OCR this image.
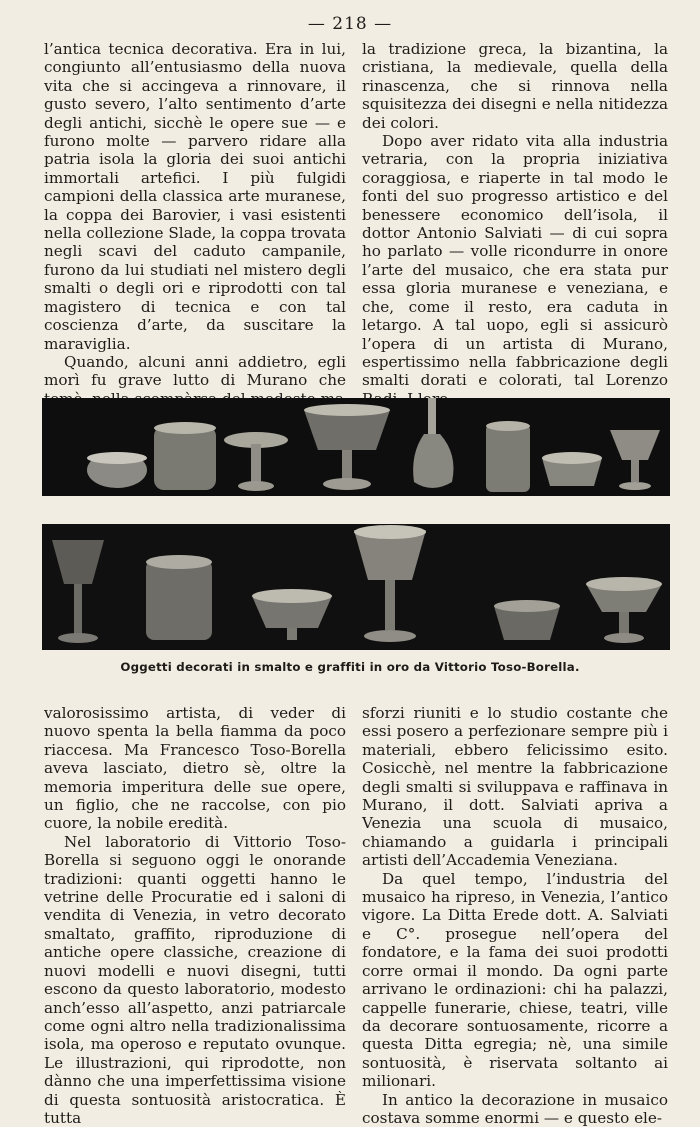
— 218 —

l’antica tecnica decorativa. Era in lui, congiunto all’entusiasmo della nuova vita che si accingeva a rinnovare, il gusto severo, l’alto sentimento d’arte degli antichi, sicchè le opere sue — e furono molte — parvero ridare alla patria isola la gloria dei suoi antichi immortali artefici. I più fulgidi campioni della classica arte muranese, la coppa dei Barovier, i vasi esistenti nella collezione Slade, la coppa trovata negli scavi del caduto campanile, furono da lui studiati nel mistero degli smalti o degli ori e riprodotti con tal magistero di tecnica e con tal coscienza d’arte, da suscitare la maraviglia.

Quando, alcuni anni addietro, egli morì fu grave lutto di Murano che

la tradizione greca, la bizantina, la cristiana, la medievale, quella della rinascenza, che si rinnova nella squisitezza dei disegni e nella nitidezza dei colori.

Dopo aver ridato vita alla industria vetraria, con la propria iniziativa coraggiosa, e riaperte in tal modo le fonti del suo progresso artistico e del benessere economico dell’isola, il dottor Antonio Salviati — di cui sopra ho parlato — volle ricondurre in onore l’arte del musaico, che era stata pur essa gloria muranese e veneziana, e che, come il resto, era caduta in letargo. A tal uopo, egli si assicurò l’opera di un artista di Murano, espertissimo nella fabbricazione degli smalti dorati e colorati, tal Lorenzo

Oggetti decorati in smalto e graffiti in oro da Vittorio Toso-Borella.

valorosissimo artista, di veder di nuovo spenta la bella fiamma da poco riaccesa. Ma Francesco Toso-Borella aveva lasciato, dietro sè, oltre la memoria imperitura delle sue opere, un figlio, che ne raccolse, con pio cuore, la nobile eredità.

Nel laboratorio di Vittorio Toso-Borella si seguono oggi le onorande tradizioni: quanti oggetti hanno le vetrine delle Procuratie ed i saloni di vendita di Venezia, in vetro decorato smaltato, graffito, riproduzione di antiche opere classiche, creazione di nuovi modelli e nuovi disegni, tutti escono da questo laboratorio, modesto anch’esso all’aspetto, anzi patriarcale come ogni altro nella tradizionalissima isola, ma operoso e reputato ovunque. Le illustrazioni, qui riprodotte, non dànno che una imperfettissima visione di questa sontuosità aristocratica. È tutta

sforzi riuniti e lo studio costante che essi posero a perfezionare sempre più i materiali, ebbero felicissimo esito. Cosicchè, nel mentre la fabbricazione degli smalti si sviluppava e raffinava in Murano, il dott. Salviati apriva a Venezia una scuola di musaico, chiamando a guidarla i principali artisti dell’Accademia Veneziana.

Da quel tempo, l’industria del musaico ha ripreso, in Venezia, l’antico vigore. La Ditta Erede dott. A. Salviati e C°. prosegue nell’opera del fondatore, e la fama dei suoi prodotti corre ormai il mondo. Da ogni parte arrivano le ordinazioni: chi ha palazzi, cappelle funerarie, chiese, teatri, ville da decorare sontuosamente, ricorre a questa Ditta egregia; nè, una simile sontuosità, è riservata soltanto ai milionari.

In antico la decorazione in musaico costava somme enormi — e questo ele-
